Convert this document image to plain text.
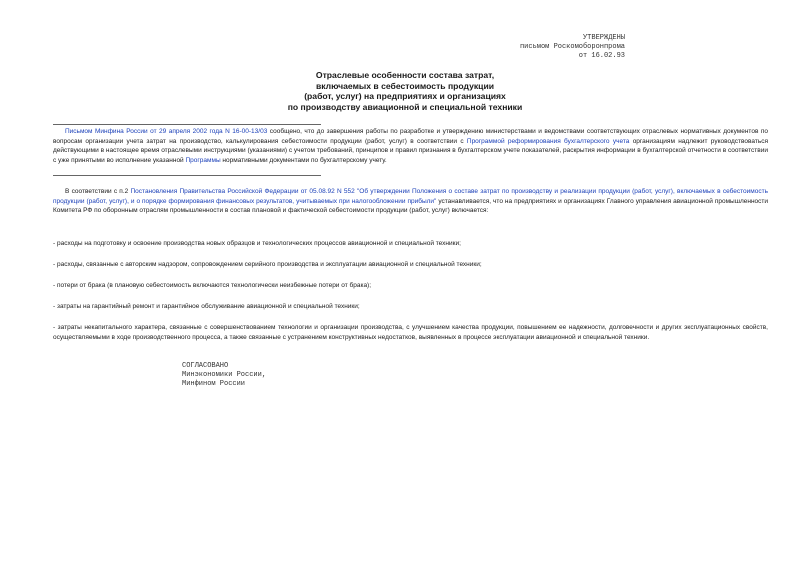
УТВЕРЖДЕНЫ
письмом Роскомоборонпрома
от 16.02.93
Отраслевые особенности состава затрат,
включаемых в себестоимость продукции
(работ, услуг) на предприятиях и организациях
по производству авиационной и специальной техники
Письмом Минфина России от 29 апреля 2002 года N 16-00-13/03 сообщено, что до завершения работы по разработке и утверждению министерствами и ведомствами соответствующих отраслевых нормативных документов по вопросам организации учета затрат на производство, калькулирования себестоимости продукции (работ, услуг) в соответствии с Программой реформирования бухгалтерского учета организациям надлежит руководствоваться действующими в настоящее время отраслевыми инструкциями (указаниями) с учетом требований, принципов и правил признания в бухгалтерском учете показателей, раскрытия информации в бухгалтерской отчетности в соответствии с уже принятыми во исполнение указанной Программы нормативными документами по бухгалтерскому учету.
В соответствии с п.2 Постановления Правительства Российской Федерации от 05.08.92 N 552 "Об утверждении Положения о составе затрат по производству и реализации продукции (работ, услуг), включаемых в себестоимость продукции (работ, услуг), и о порядке формирования финансовых результатов, учитываемых при налогообложении прибыли" устанавливается, что на предприятиях и организациях Главного управления авиационной промышленности Комитета РФ по оборонным отраслям промышленности в состав плановой и фактической себестоимости продукции (работ, услуг) включается:
- расходы на подготовку и освоение производства новых образцов и технологических процессов авиационной и специальной техники;
- расходы, связанные с авторским надзором, сопровождением серийного производства и эксплуатации авиационной и специальной техники;
- потери от брака (в плановую себестоимость включаются технологически неизбежные потери от брака);
- затраты на гарантийный ремонт и гарантийное обслуживание авиационной и специальной техники;
- затраты некапитального характера, связанные с совершенствованием технологии и организации производства, с улучшением качества продукции, повышением ее надежности, долговечности и других эксплуатационных свойств, осуществляемыми в ходе производственного процесса, а также связанные с устранением конструктивных недостатков, выявленных в процессе эксплуатации авиационной и специальной техники.
СОГЛАСОВАНО
Минэкономики России,
Минфином России
